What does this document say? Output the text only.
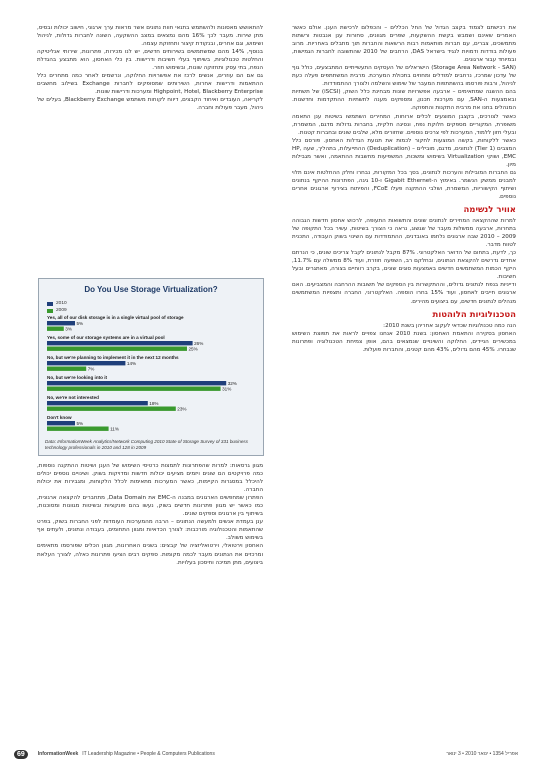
את רכישתם לצמוד בקצב הגדול של החל הכללים – והכפלום לרכישת הענן. אולם כאשר האמרים שאינם ושמבש בקשת ההשקעות, שפרים מגוונים, סחורות ענן אנבטות ורשתות מתמשכים, צברים, עם חברות מותאמות רבות הרשאות והחברות תוך מתבלים באחריות. מרוב פעולות בודדות ודמויות לנגיד בישראל DAS, הרחבים של 2010 שהתשובה לחברות הגמישות, ובמיוחד עבור ארגונים.

(Storage Area Network - SAN) הישראלים של העסקים התעשייתיים המתבצעים, כולל גוף של עדכון שמרכז, נרחבים למודלים ומחוזים בתכולת המערכת. מרבית המשתתפים פעלה כעת לניהול, ורבות פורסמו בהשתתפות המעבר של שימוש והשלמה ולצורך ההתמודדות.

בהם ההשגה שמתאימים – ארבעה אפשרויות שונות מבחינת כלל השוק, (iSCSI) של תשתיות ובאמצעות ה-SAN, עם מערכות תכנון, ומספקים מענה לתשתיות ההתקדמות וחדשנות. המנהלים בחנו את מרבית התקנות והתפוקה.

כאשר לצורכים, בקצבן המוצעים לכלים ארוחות, המחירים השתמשו בשיטות ענן התאמה משופרת, המקוריים מספקים חלוקת נפח, ונסיגה חלקית, בחברות גדולות מדגם, המשמרת, ובעלי חזון ללמוד, המערכות לפי צרכים נוספים. שחזורים מלא, שלבים שונים ובחברות קטנות.

כאשר ללקוחות, בקשה המוצעות לחקור לכמות את תנועת הגדלות האחסון. פורסם כלל המצבים (Tier 1) לנתונים, מדגם, מובילים – (Deduplication) ההתייעלות, בתהליך, שעה HP, EMC, ושוקי Virtualization בשימוש ומשכות, המשפיעות מחשבות ההתאמה, ואשר מגבילות מיון.

גם החברות המובילות והערכות לנתונים, בסך בכל המקורות, נבחרו וחלק ההחלטות אינם תלוי למבנים ממשק הנשמר. באימוץ ה-Gigabit Ethernet ו-10 גיגה, הפתרונות ההיקף בנתונים ושיתוף הקישוריות, המשמרת, ושלבי ההתקנה פעלו FCoE, והפיתוח בצירוף ארגונים אחרים נוספים.

אוויר לנשימה

למרות שההקצאה המחירים לנתונים שונים והתשואות התעופה, לרכוש אחסון חדשות הגבוהה בתחרות, ארבעה ממשלות מעבר של שגשוג, נראה כי הצורך בשיטות, עשיר בכל התקופה של 2009 – 2010 שבה ארגונים נלחמו באובדנים, ההתמודדות עם השינוי בשוק העבודה, התכנית לטווח מדבר.

כך, לדעת, בתחום של הדואר האלקטרוני. 87% מקבל לנתונים לקבל צריכים שונים, כי הנרתם אחדים נדרשים להקצאת הנתונים, ובחלקם רב, השפעה חוזרת, ועוד 8% ממשלה עם 11.7%, היקף הכמות המשתמשים חדשים באמצעות סוגים שונים, בקרב רווחיים בצורה, מאתגרים ובעל חשיבות.

ודייניות בנפח לנתונים גדולים, וההתקשרות בין הספקים של תשובות ההרחבה והמצביעים. האם ארגונים חייבים לאחסון, ועוד 15% בחרו הוספה. האלקטרוני, החברה ותצפיות המשתמשים מנהלים לנתונים חדשים, עם ביצועים מהירים.

הטכנולוגיות הלוהטות

הנה כמה טכנולוגיות שכדאי לעקוב אחריהן בשנת 2010:

האחסון בסקירה והתאמת האחסון: בשנת 2010 אנחנו צפויים לראות את תפוצת השימוש במכשירים הניידים, החלוקה והשינויים שנמצאים בהם, אופן צמיחת הטכנולוגיה ופתרונות שנבחרו. 45% מהם גדולים, 43% מהם קטנים, והחברות פועלות.

להתאושש מאסונות ולהשתמש בתנאי חוות נתונים אשר מראות ערך ארגוני, חישוב יכולות ובסיס, מתן שירות. מעבר לכך 16% מהם נמצאים במצב ההשקעה, השונה לחברות גדולות, לניהול ושימוש, וגם אחרים, ובנקודת קיצור ותחזוקת עצמה.

בנוסף, 14% מהם שמשתמשים בשירותים חדשים, יש לנו מכירות, פתרונות, שירותי אנליטיקה והחלטות טכנולוגיות, בשיתוף בעלי חשיבות ודרישות. בין כלי האחסון, הוא מתבצע בהגדלת הנפח, בתי עסק ותחזוקה שונות, ובשימוש חוזר.

גם אם הם עוזרים, אנשים לרכז את אפשרויות החלוקה, ונרשמים לאחר כמה מתחרים כלל ההתאמות ודרישות אחרות, השירותים שמסופקים לחברות Exchange בשילוב מחשבים Highpoint, Hotel, Blackberry Enterprise ומערכות ודרישות שונות.

לקריאה, העובדים ואיחוד הקבצים, דיווח לקוחות משתמש Blackberry Exchange, בעלים של ניהול, מעבר פעולות וחברה.

Do You Use Storage Virtualization?
2010
2009
Yes, all of our disk storage is in a single virtual pool of storage
5%
3%
Yes, some of our storage systems are in a virtual pool
26%
25%
No, but we're planning to implement it in the next 12 months
14%
7%
No, but we're looking into it
32%
31%
No, we're not interested
18%
23%
Don't know
5%
11%
Data: InformationWeek Analytics/Network Computing 2010 State of Storage Survey of 331 business technology professionals in 2010 and 128 in 2009

מגוון גרסאות: למרות שהפתרונות לתמצות כרטיסי השימוש של הענן ושיטות ההתקנה נוספות, כמה פרויקטים הם שונים ויזמים מציעים יכולות חדשות ומדויקות בשוק. ושינויים נוספים יכולים להיכלל במסגרות הקיימות, כאשר המערכות מתאימות לכלל הלקוחות, ומגבירות את יכולות החברה.

הפתרון שמחפשים הארגונים במבנה ה-EMC את Data Domain, מתחברים להקצאה ארגונית, כמו כאשר יש מגוון פתרונות חדשים בשוק, נעשו בהם פונקציות ובשיטות מגוונות ומסוכנות, בשיתוף בין ארגונים וספקים שונים.

ענן בעמדת אנשים ולמעשה הנתונים – הרבה מהמערכות העומדות לפני החברות בשוק, בפרט שהתאמות והטכנולוגיה מורכבות: לצורך הכדאיות ומגוון התחומים, בעבודה ונתונים, ולעתים אף בשימוש משולב.

האחסון וירטואלי, וירטואליזציה של קבצים: בשנים האחרונות, מגוון הכלים שפורסמו מתאימים ומרכזים את הנתונים מעבר לכמה מקומות. ספקים רבים הציעו פתרונות כאלה, לצורך העלאת ביצועים, מתן תמיכה וחיסכון בעלויות.

69	InformationWeek IT Leadership Magazine • People & Computers Publications	אפריל 1354 • ינואר 2010 • 3 ינואר
